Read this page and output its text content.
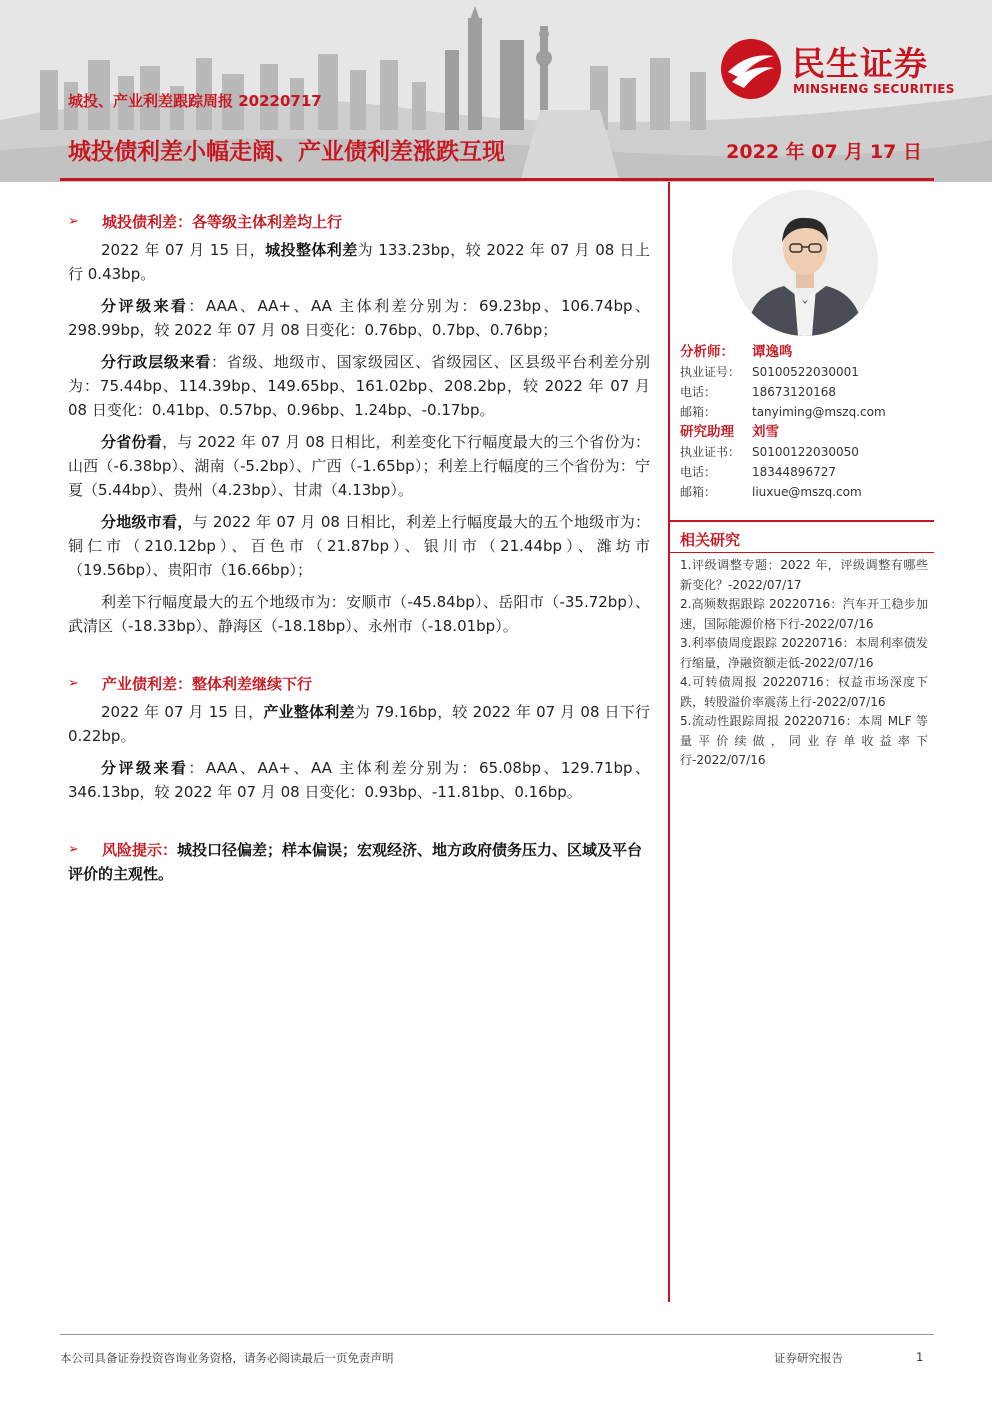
城投、产业利差跟踪周报 20220717
城投债利差小幅走阔、产业债利差涨跌互现	2022 年 07 月 17 日
民生证券
MINSHENG SECURITIES
➢ 城投债利差：各等级主体利差均上行

2022 年 07 月 15 日，城投整体利差为 133.23bp，较 2022 年 07 月 08 日上行 0.43bp。

分评级来看：AAA、AA+、AA 主体利差分别为：69.23bp、106.74bp、298.99bp，较 2022 年 07 月 08 日变化：0.76bp、0.7bp、0.76bp；

分行政层级来看：省级、地级市、国家级园区、省级园区、区县级平台利差分别为：75.44bp、114.39bp、149.65bp、161.02bp、208.2bp，较 2022 年 07 月 08 日变化：0.41bp、0.57bp、0.96bp、1.24bp、-0.17bp。

分省份看，与 2022 年 07 月 08 日相比，利差变化下行幅度最大的三个省份为：山西（-6.38bp）、湖南（-5.2bp）、广西（-1.65bp）；利差上行幅度的三个省份为：宁夏（5.44bp）、贵州（4.23bp）、甘肃（4.13bp）。

分地级市看，与 2022 年 07 月 08 日相比，利差上行幅度最大的五个地级市为：铜仁市（210.12bp）、百色市（21.87bp）、银川市（21.44bp）、潍坊市（19.56bp）、贵阳市（16.66bp）；

利差下行幅度最大的五个地级市为：安顺市（-45.84bp）、岳阳市（-35.72bp）、武清区（-18.33bp）、静海区（-18.18bp）、永州市（-18.01bp）。

➢ 产业债利差：整体利差继续下行

2022 年 07 月 15 日，产业整体利差为 79.16bp，较 2022 年 07 月 08 日下行 0.22bp。

分评级来看：AAA、AA+、AA 主体利差分别为：65.08bp、129.71bp、346.13bp，较 2022 年 07 月 08 日变化：0.93bp、-11.81bp、0.16bp。

➢ 风险提示：城投口径偏差；样本偏误；宏观经济、地方政府债务压力、区域及平台评价的主观性。
分析师： 谭逸鸣
执业证号： S0100522030001
电话：	18673120168
邮箱：	tanyiming@mszq.com
研究助理 刘雪
执业证书： S0100122030050
电话：	18344896727
邮箱：	liuxue@mszq.com
相关研究
1.评级调整专题：2022 年，评级调整有哪些新变化？-2022/07/17
2.高频数据跟踪 20220716：汽车开工稳步加速，国际能源价格下行-2022/07/16
3.利率债周度跟踪 20220716：本周利率债发行缩量，净融资额走低-2022/07/16
4.可转债周报 20220716：权益市场深度下跌，转股溢价率震荡上行-2022/07/16
5.流动性跟踪周报 20220716：本周 MLF 等量平价续做，同业存单收益率下行-2022/07/16
本公司具备证券投资咨询业务资格，请务必阅读最后一页免责声明	证券研究报告	1
